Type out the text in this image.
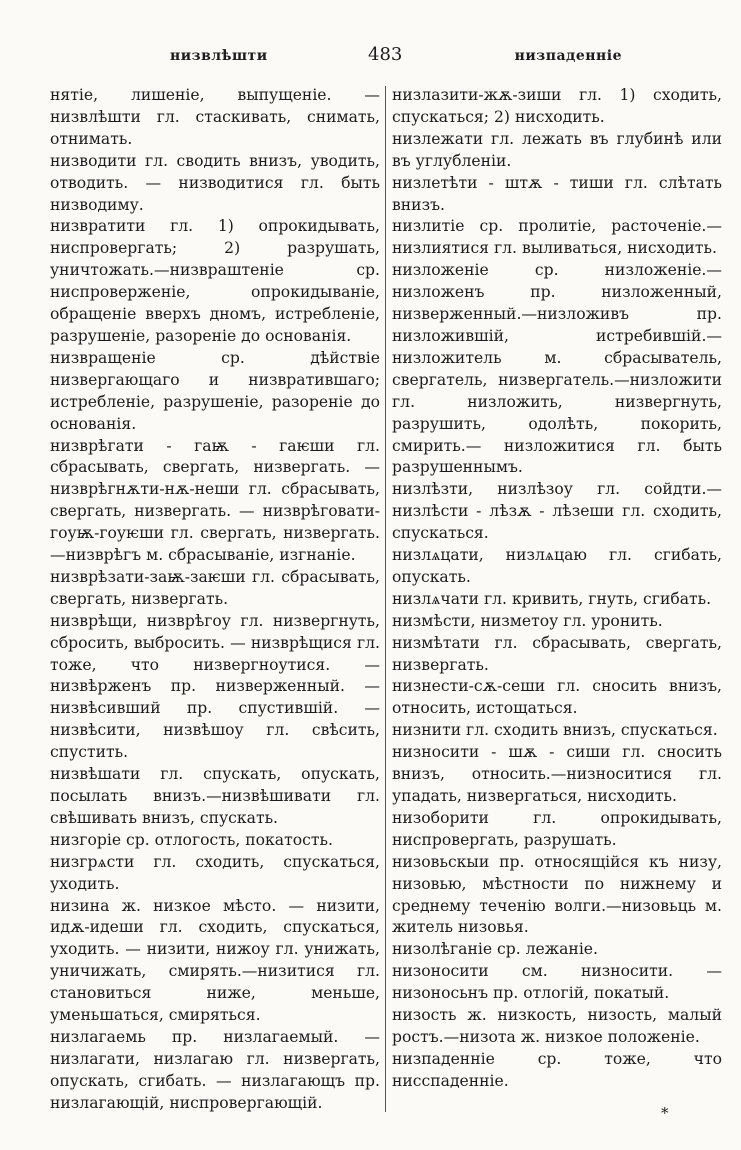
низвлѣшти	483	низпаденніе

нятіе, лишеніе, выпущеніе. — низвлѣшти гл. стаскивать, снимать, отнимать.

низводити гл. сводить внизъ, уводить, отводить. — низводитися гл. быть низводиму.

низвратити гл. 1) опрокидывать, ниспровергать; 2) разрушать, уничтожать.—низвраштеніе ср. ниспроверженіе, опрокидываніе, обращеніе вверхъ дномъ, истребленіе, разрушеніе, разореніе до основанія.

низвращеніе ср. дѣйствіе низвергающаго и низвратившаго; истребленіе, разрушеніе, разореніе до основанія.

низврѣгати - гаѭ - гаѥши гл. сбрасывать, свергать, низвергать. — низврѣгнѫти-нѫ-неши гл. сбрасывать, свергать, низвергать. — низврѣговати-гоуѭ-гоуѥши гл. свергать, низвергать.—низврѣгъ м. сбрасываніе, изгнаніе.

низврѣзати-заѭ-заѥши гл. сбрасывать, свергать, низвергать.

низврѣщи, низврѣгоу гл. низвергнуть, сбросить, выбросить. — низврѣщися гл. тоже, что низвергноутися. — низвѣрженъ пр. низверженный. — низвѣсивший пр. спустившій. — низвѣсити, низвѣшоу гл. свѣсить, спустить.

низвѣшати гл. спускать, опускать, посылать внизъ.—низвѣшивати гл. свѣшивать внизъ, спускать.

низгоріе ср. отлогость, покатость.

низгрѧсти гл. сходить, спускаться, уходить.

низина ж. низкое мѣсто. — низити, идѫ-идеши гл. сходить, спускаться, уходить. — низити, нижоу гл. унижать, уничижать, смирять.—низитися гл. становиться ниже, меньше, уменьшаться, смиряться.

низлагаемь пр. низлагаемый. — низлагати, низлагаю гл. низвергать, опускать, сгибать. — низлагающъ пр. низлагающій, ниспровергающій.

низлазити-жѫ-зиши гл. 1) сходить, спускаться; 2) нисходить.

низлежати гл. лежать въ глубинѣ или въ углубленіи.

низлетѣти - штѫ - тиши гл. слѣтать внизъ.

низлитіе ср. пролитіе, расточеніе.— низлиятися гл. выливаться, нисходить.

низложеніе ср. низложеніе.—низложенъ пр. низложенный, низверженный.—низложивъ пр. низложившій, истребившій.— низложитель м. сбрасыватель, свергатель, низвергатель.—низложити гл. низложить, низвергнуть, разрушить, одолѣть, покорить, смирить.— низложитися гл. быть разрушеннымъ.

низлѣзти, низлѣзоу гл. сойдти.—низлѣсти - лѣзѫ - лѣзеши гл. сходить, спускаться.

низлѧцати, низлѧцаю гл. сгибать, опускать.

низлѧчати гл. кривить, гнуть, сгибать.

низмѣсти, низметоу гл. уронить.

низмѣтати гл. сбрасывать, свергать, низвергать.

низнести-сѫ-сеши гл. сносить внизъ, относить, истощаться.

низнити гл. сходить внизъ, спускаться.

низносити - шѫ - сиши гл. сносить внизъ, относить.—низноситися гл. упадать, низвергаться, нисходить.

низоборити гл. опрокидывать, ниспровергать, разрушать.

низовьскыи пр. относящійся къ низу, низовью, мѣстности по нижнему и среднему теченію волги.—низовьць м. житель низовья.

низолѣганіе ср. лежаніе.

низоносити см. низносити. — низоносьнъ пр. отлогій, покатый.

низость ж. низкость, низость, малый ростъ.—низота ж. низкое положеніе.

низпаденніе ср. тоже, что нисспаденніе.

*
